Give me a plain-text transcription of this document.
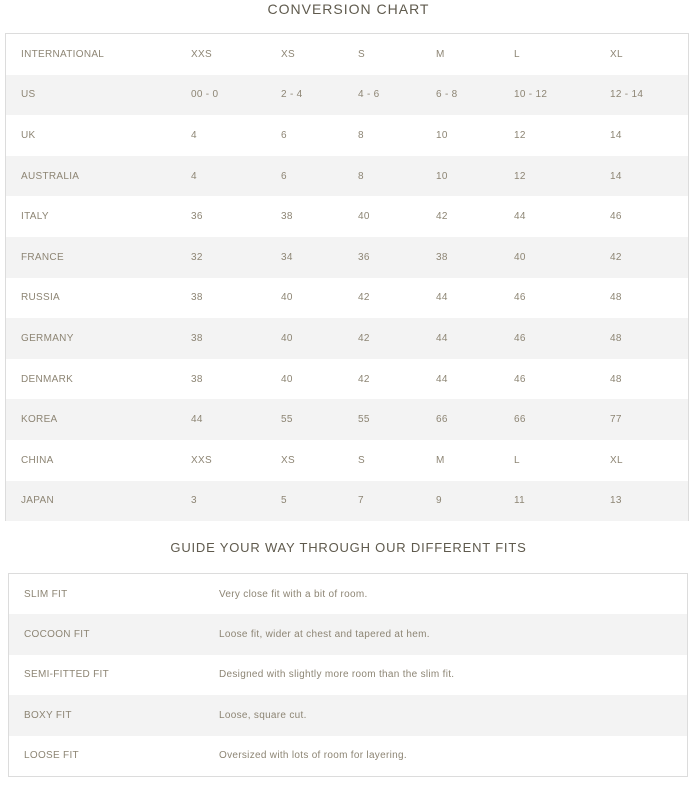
CONVERSION CHART
INTERNATIONAL	XXS	XS	S	M	L	XL
US	00 - 0	2 - 4	4 - 6	6 - 8	10 - 12	12 - 14
UK	4	6	8	10	12	14
AUSTRALIA	4	6	8	10	12	14
ITALY	36	38	40	42	44	46
FRANCE	32	34	36	38	40	42
RUSSIA	38	40	42	44	46	48
GERMANY	38	40	42	44	46	48
DENMARK	38	40	42	44	46	48
KOREA	44	55	55	66	66	77
CHINA	XXS	XS	S	M	L	XL
JAPAN	3	5	7	9	11	13
GUIDE YOUR WAY THROUGH OUR DIFFERENT FITS
SLIM FIT	Very close fit with a bit of room.
COCOON FIT	Loose fit, wider at chest and tapered at hem.
SEMI-FITTED FIT	Designed with slightly more room than the slim fit.
BOXY FIT	Loose, square cut.
LOOSE FIT	Oversized with lots of room for layering.
